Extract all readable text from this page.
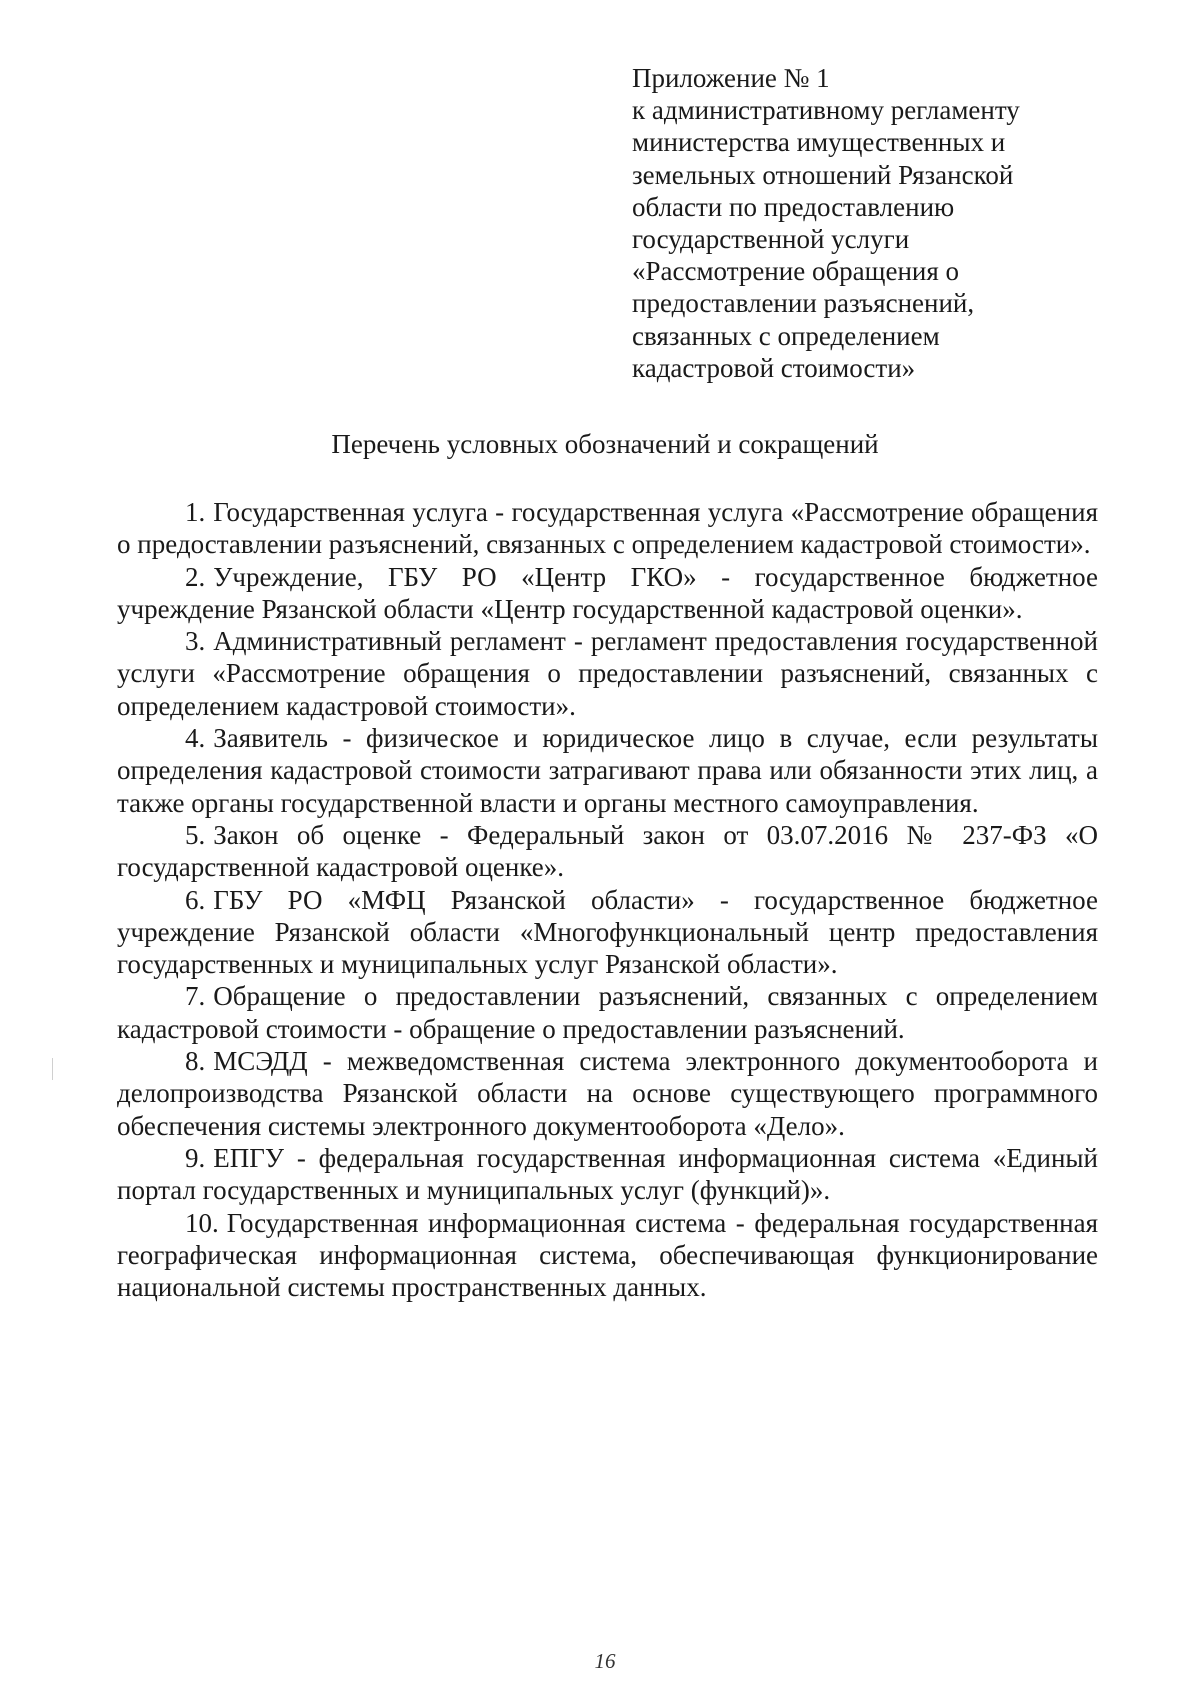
Приложение № 1
к административному регламенту
министерства имущественных и
земельных отношений Рязанской
области по предоставлению
государственной услуги
«Рассмотрение обращения о
предоставлении разъяснений,
связанных с определением
кадастровой стоимости»
Перечень условных обозначений и сокращений

1. Государственная услуга - государственная услуга «Рассмотрение обращения о предоставлении разъяснений, связанных с определением кадастровой стоимости».

2. Учреждение, ГБУ РО «Центр ГКО» - государственное бюджетное учреждение Рязанской области «Центр государственной кадастровой оценки».

3. Административный регламент - регламент предоставления государственной услуги «Рассмотрение обращения о предоставлении разъяснений, связанных с определением кадастровой стоимости».

4. Заявитель - физическое и юридическое лицо в случае, если результаты определения кадастровой стоимости затрагивают права или обязанности этих лиц, а также органы государственной власти и органы местного самоуправления.

5. Закон об оценке - Федеральный закон от 03.07.2016 № 237-ФЗ «О государственной кадастровой оценке».

6. ГБУ РО «МФЦ Рязанской области» - государственное бюджетное учреждение Рязанской области «Многофункциональный центр предоставления государственных и муниципальных услуг Рязанской области».

7. Обращение о предоставлении разъяснений, связанных с определением кадастровой стоимости - обращение о предоставлении разъяснений.

8. МСЭДД - межведомственная система электронного документооборота и делопроизводства Рязанской области на основе существующего программного обеспечения системы электронного документооборота «Дело».

9. ЕПГУ - федеральная государственная информационная система «Единый портал государственных и муниципальных услуг (функций)».

10. Государственная информационная система - федеральная государственная географическая информационная система, обеспечивающая функционирование национальной системы пространственных данных.

16
